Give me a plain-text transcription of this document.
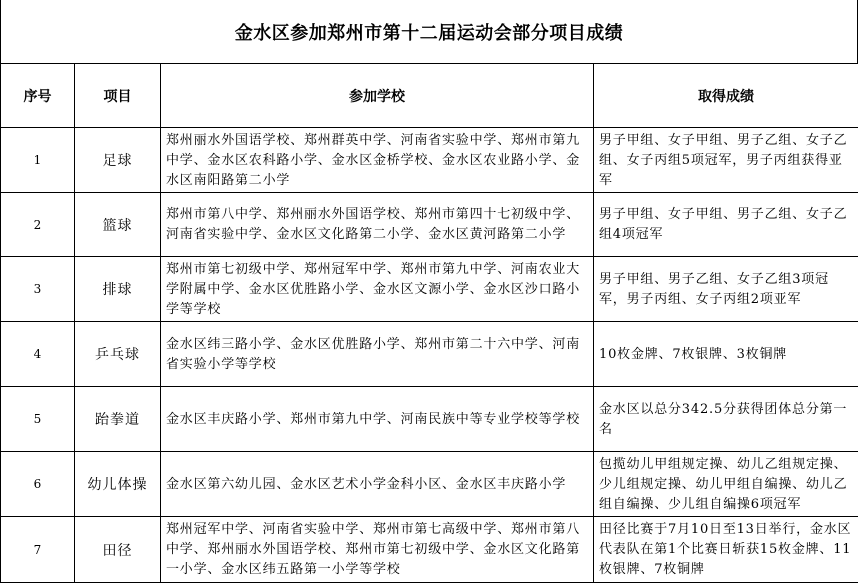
金水区参加郑州市第十二届运动会部分项目成绩
序号	项目	参加学校	取得成绩
1	足球	郑州丽水外国语学校、郑州群英中学、河南省实验中学、郑州市第九中学、金水区农科路小学、金水区金桥学校、金水区农业路小学、金水区南阳路第二小学	男子甲组、女子甲组、男子乙组、女子乙组、女子丙组5项冠军，男子丙组获得亚军
2	篮球	郑州市第八中学、郑州丽水外国语学校、郑州市第四十七初级中学、河南省实验中学、金水区文化路第二小学、金水区黄河路第二小学	男子甲组、女子甲组、男子乙组、女子乙组4项冠军
3	排球	郑州市第七初级中学、郑州冠军中学、郑州市第九中学、河南农业大学附属中学、金水区优胜路小学、金水区文源小学、金水区沙口路小学等学校	男子甲组、男子乙组、女子乙组3项冠军，男子丙组、女子丙组2项亚军
4	乒乓球	金水区纬三路小学、金水区优胜路小学、郑州市第二十六中学、河南省实验小学等学校	10枚金牌、7枚银牌、3枚铜牌
5	跆拳道	金水区丰庆路小学、郑州市第九中学、河南民族中等专业学校等学校	金水区以总分342.5分获得团体总分第一名
6	幼儿体操	金水区第六幼儿园、金水区艺术小学金科小区、金水区丰庆路小学	包揽幼儿甲组规定操、幼儿乙组规定操、少儿组规定操、幼儿甲组自编操、幼儿乙组自编操、少儿组自编操6项冠军
7	田径	郑州冠军中学、河南省实验中学、郑州市第七高级中学、郑州市第八中学、郑州丽水外国语学校、郑州市第七初级中学、金水区文化路第一小学、金水区纬五路第一小学等学校	田径比赛于7月10日至13日举行，金水区代表队在第1个比赛日斩获15枚金牌、11枚银牌、7枚铜牌
